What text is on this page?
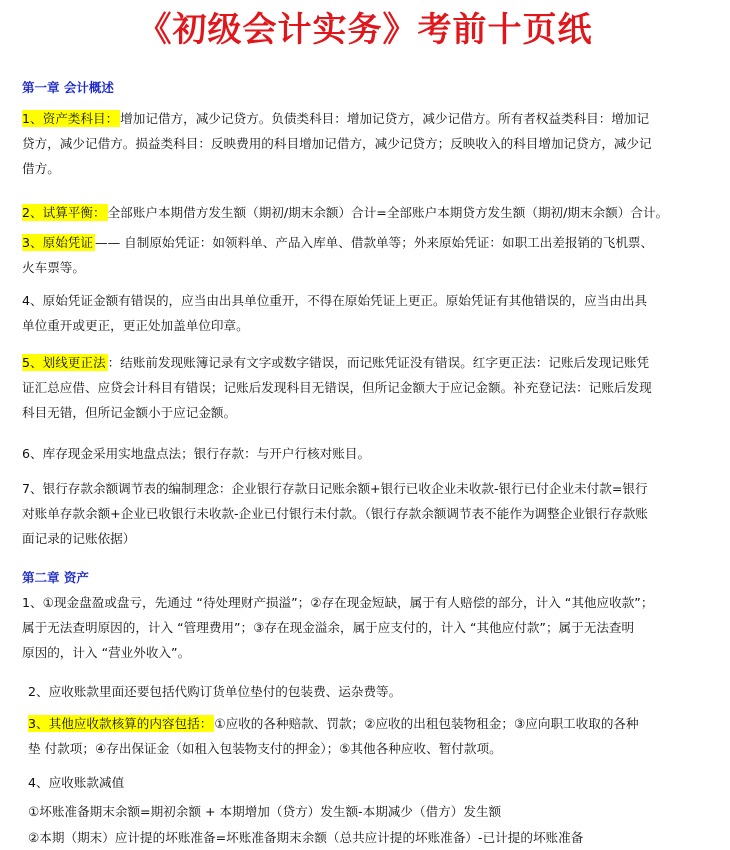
《初级会计实务》考前十页纸
第一章 会计概述
1、资产类科目： 增加记借方，减少记贷方。负债类科目：增加记贷方，减少记借方。所有者权益类科目：增加记
贷方，减少记借方。损益类科目：反映费用的科目增加记借方，减少记贷方；反映收入的科目增加记贷方，减少记
借方。
2、试算平衡： 全部账户本期借方发生额（期初/期末余额）合计=全部账户本期贷方发生额（期初/期末余额）合计。
3、原始凭证 —— 自制原始凭证：如领料单、产品入库单、借款单等；外来原始凭证：如职工出差报销的飞机票、
火车票等。
4、原始凭证金额有错误的，应当由出具单位重开，不得在原始凭证上更正。原始凭证有其他错误的，应当由出具
单位重开或更正，更正处加盖单位印章。
5、划线更正法 ：结账前发现账簿记录有文字或数字错误，而记账凭证没有错误。红字更正法：记账后发现记账凭
证汇总应借、应贷会计科目有错误；记账后发现科目无错误，但所记金额大于应记金额。补充登记法：记账后发现
科目无错，但所记金额小于应记金额。
6、库存现金采用实地盘点法；银行存款：与开户行核对账目。
7、银行存款余额调节表的编制理念：企业银行存款日记账余额+银行已收企业未收款-银行已付企业未付款=银行
对账单存款余额+企业已收银行未收款-企业已付银行未付款。（银行存款余额调节表不能作为调整企业银行存款账
面记录的记账依据）
第二章 资产
1、①现金盘盈或盘亏，先通过 “待处理财产损溢”；②存在现金短缺，属于有人赔偿的部分，计入 “其他应收款”；
属于无法查明原因的，计入 “管理费用”；③存在现金溢余，属于应支付的，计入 “其他应付款”；属于无法查明
原因的，计入 “营业外收入”。
2、应收账款里面还要包括代购订货单位垫付的包装费、运杂费等。
3、其他应收款核算的内容包括： ①应收的各种赔款、罚款；②应收的出租包装物租金；③应向职工收取的各种
垫 付款项；④存出保证金（如租入包装物支付的押金）；⑤其他各种应收、暂付款项。
4、应收账款减值
①坏账准备期末余额=期初余额 + 本期增加（贷方）发生额-本期减少（借方）发生额
②本期（期末）应计提的坏账准备=坏账准备期末余额（总共应计提的坏账准备）-已计提的坏账准备
